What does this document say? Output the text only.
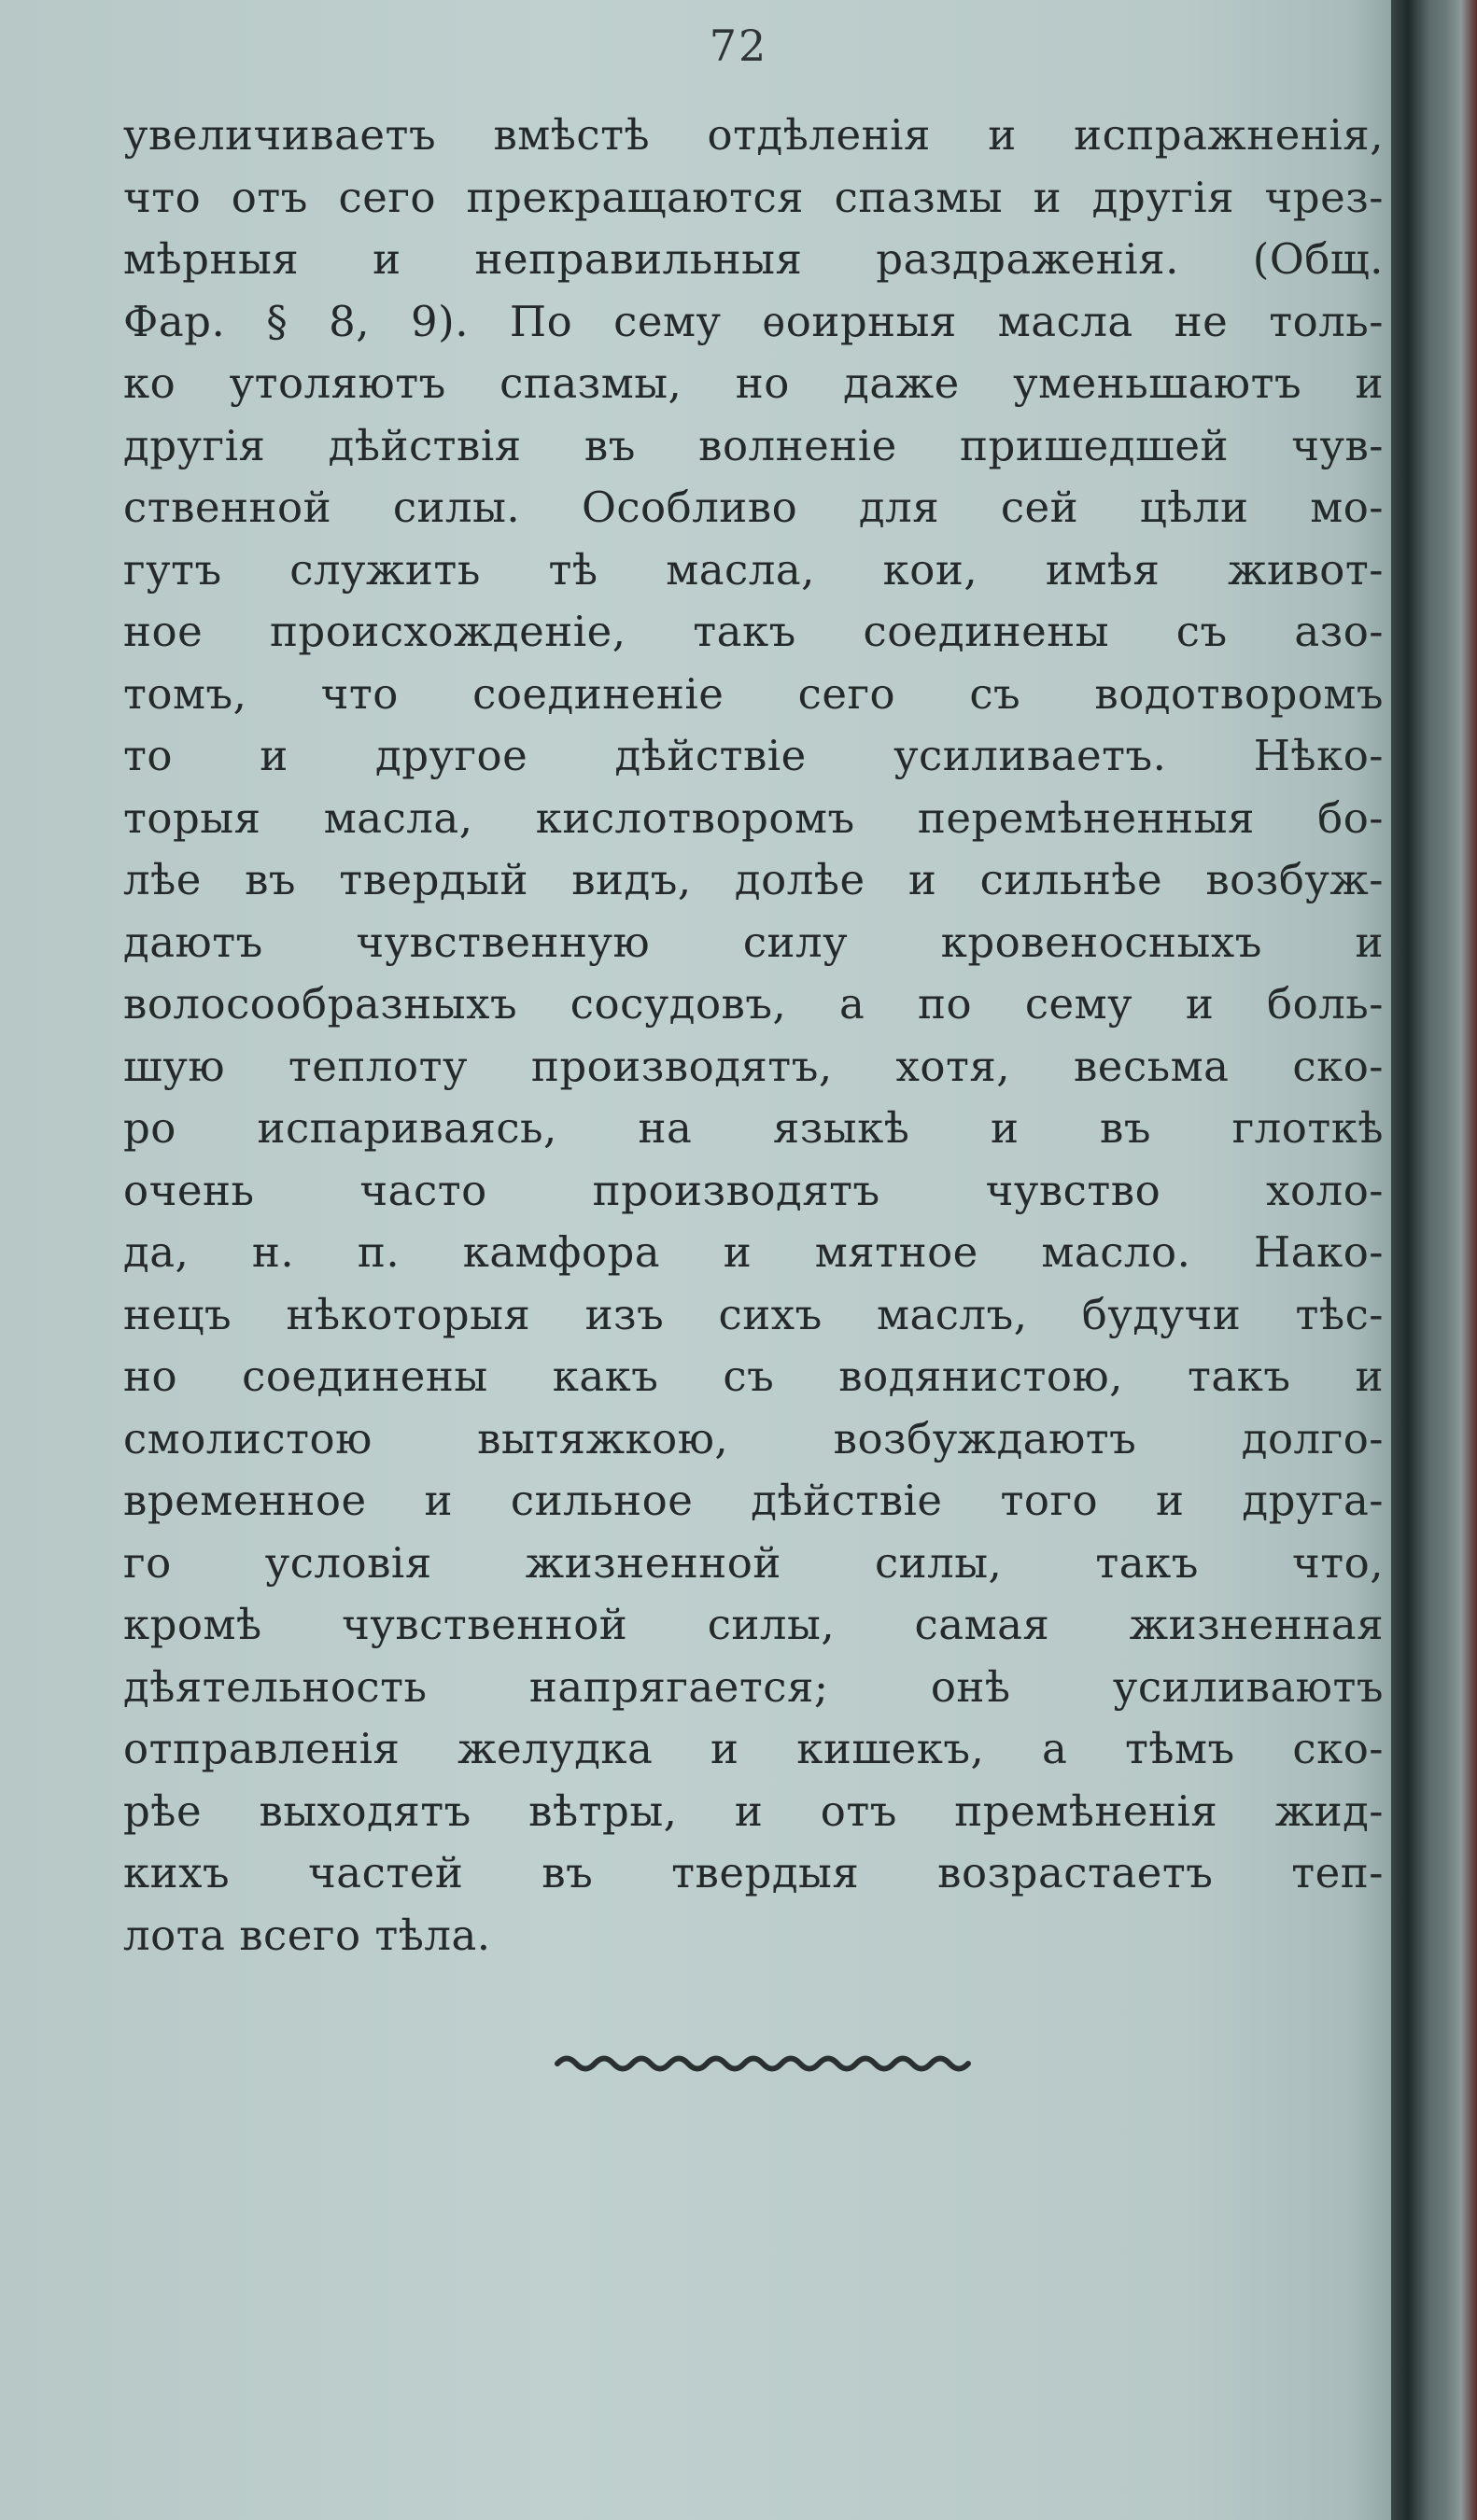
72
увеличиваетъ вмѣстѣ отдѣленія и испражненія,
что отъ сего прекращаются спазмы и другія чрез-
мѣрныя и неправильныя раздраженія. (Общ.
Фар. § 8, 9). По сему ѳоирныя масла не толь-
ко утоляютъ спазмы, но даже уменьшаютъ и
другія дѣйствія въ волненіе пришедшей чув-
ственной силы. Особливо для сей цѣли мо-
гутъ служить тѣ масла, кои, имѣя живот-
ное происхожденіе, такъ соединены съ азо-
томъ, что соединеніе сего съ водотворомъ
то и другое дѣйствіе усиливаетъ. Нѣко-
торыя масла, кислотворомъ перемѣненныя бо-
лѣе въ твердый видъ, долѣе и сильнѣе возбуж-
даютъ чувственную силу кровеносныхъ и
волосообразныхъ сосудовъ, а по сему и боль-
шую теплоту производятъ, хотя, весьма ско-
ро испариваясь, на языкѣ и въ глоткѣ
очень часто производятъ чувство холо-
да, н. п. камфора и мятное масло. Нако-
нецъ нѣкоторыя изъ сихъ маслъ, будучи тѣс-
но соединены какъ съ водянистою, такъ и
смолистою вытяжкою, возбуждаютъ долго-
временное и сильное дѣйствіе того и друга-
го условія жизненной силы, такъ что,
кромѣ чувственной силы, самая жизненная
дѣятельность напрягается; онѣ усиливаютъ
отправленія желудка и кишекъ, а тѣмъ ско-
рѣе выходятъ вѣтры, и отъ премѣненія жид-
кихъ частей въ твердыя возрастаетъ теп-
лота всего тѣла.
